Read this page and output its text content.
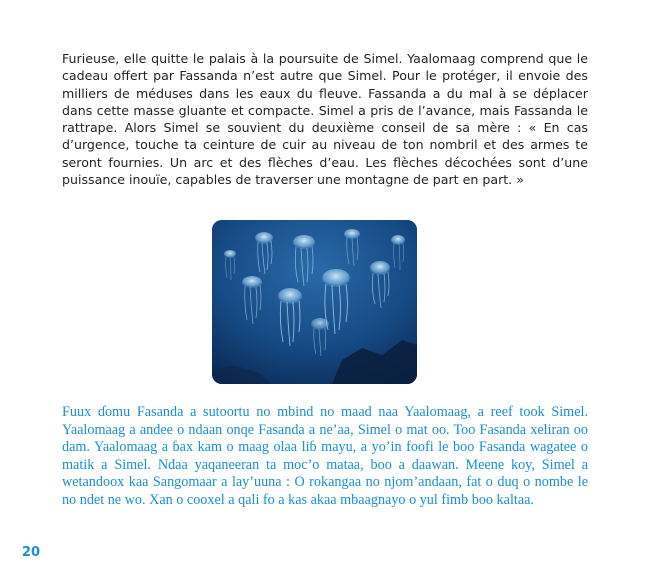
Furieuse, elle quitte le palais à la poursuite de Simel. Yaalomaag comprend que le cadeau offert par Fassanda n’est autre que Simel. Pour le protéger, il envoie des milliers de méduses dans les eaux du fleuve. Fassanda a du mal à se déplacer dans cette masse gluante et compacte. Simel a pris de l’avance, mais Fassanda le rattrape. Alors Simel se souvient du deuxième conseil de sa mère : « En cas d’urgence, touche ta ceinture de cuir au niveau de ton nombril et des armes te seront fournies. Un arc et des flèches d’eau. Les flèches décochées sont d’une puissance inouïe, capables de traverser une montagne de part en part. »

Fuux ɗomu Fasanda a sutoortu no mbind no maad naa Yaalomaag, a reef took Simel. Yaalomaag a andee o ndaan onqe Fasanda a ne’aa, Simel o mat oo. Too Fasanda xeliran oo dam. Yaalomaag a ɓax kam o maag olaa liɓ mayu, a yo’in foofi le boo Fasanda wagatee o matik a Simel. Ndaa yaqaneeran ta moc’o mataa, boo a daawan. Meene koy, Simel a wetandoox kaa Sangomaar a lay’uuna : O rokangaa no njom’andaan, fat o duq o nombe le no ndet ne wo. Xan o cooxel a qali fo a kas akaa mbaagnayo o yul fimb boo kaltaa.

20
